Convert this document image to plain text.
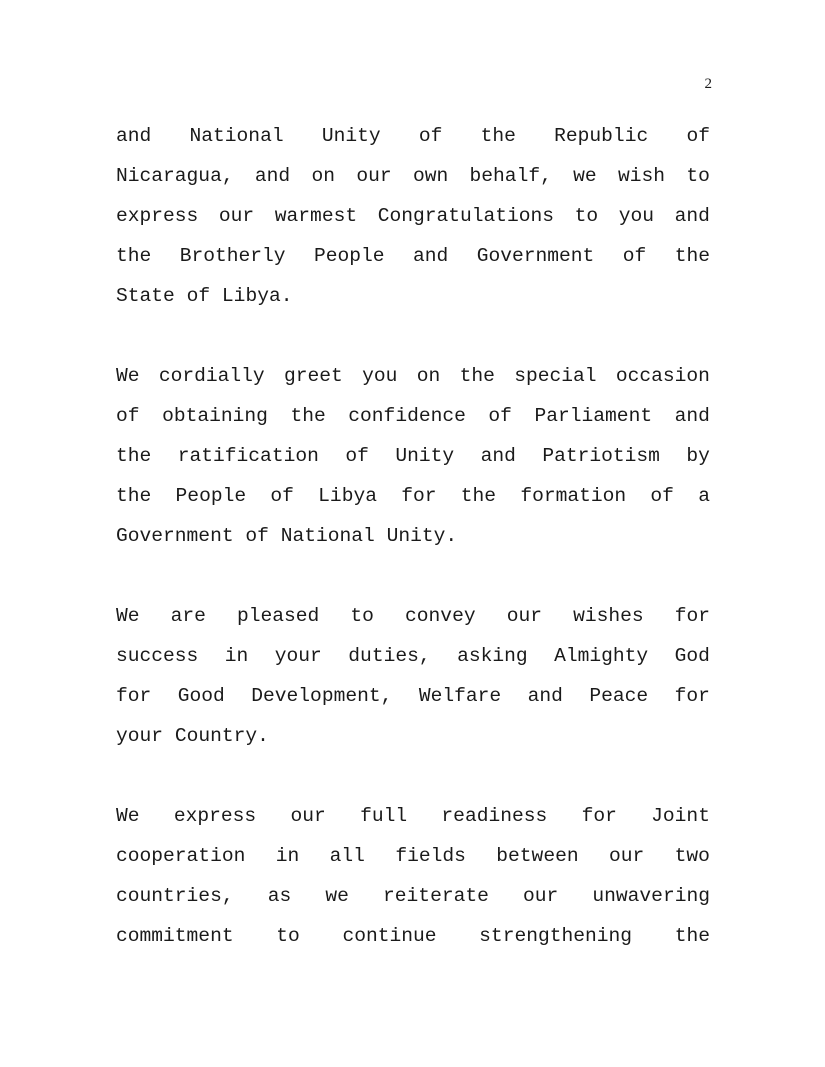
2
and National Unity of the Republic of
Nicaragua, and on our own behalf, we wish to
express our warmest Congratulations to you and
the Brotherly People and Government of the
State of Libya.
We cordially greet you on the special occasion
of obtaining the confidence of Parliament and
the ratification of Unity and Patriotism by
the People of Libya for the formation of a
Government of National Unity.
We are pleased to convey our wishes for
success in your duties, asking Almighty God
for Good Development, Welfare and Peace for
your Country.
We express our full readiness for Joint
cooperation in all fields between our two
countries, as we reiterate our unwavering
commitment to continue strengthening the
